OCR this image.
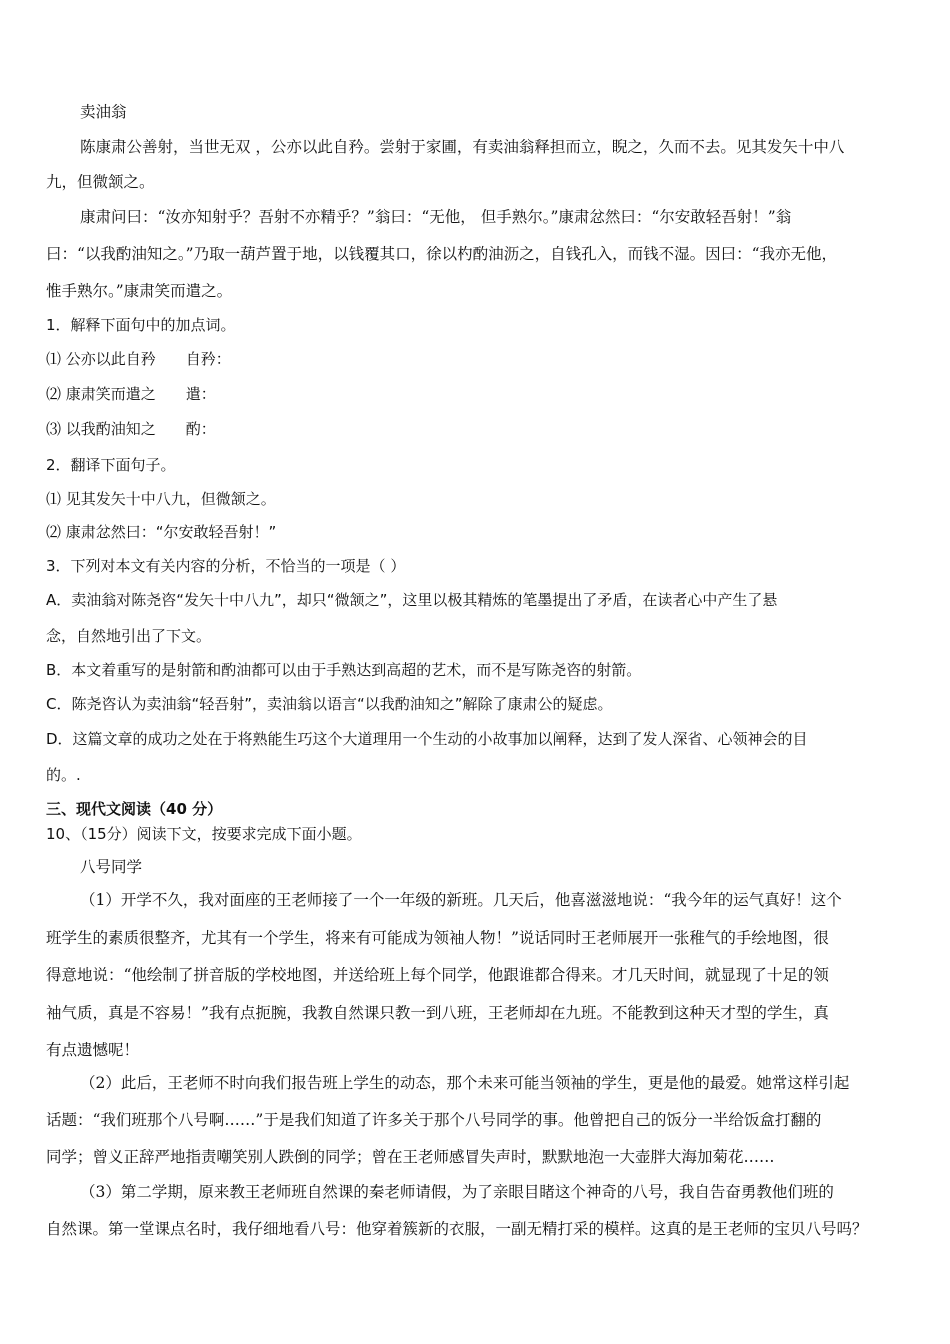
卖油翁
陈康肃公善射，当世无双 ，公亦以此自矜。尝射于家圃，有卖油翁释担而立，睨之，久而不去。见其发矢十中八
九，但微颔之。
康肃问曰：“汝亦知射乎？吾射不亦精乎？”翁曰：“无他， 但手熟尔。”康肃忿然曰：“尔安敢轻吾射！”翁
曰：“以我酌油知之。”乃取一葫芦置于地，以钱覆其口，徐以杓酌油沥之，自钱孔入，而钱不湿。因曰：“我亦无他，
惟手熟尔。”康肃笑而遣之。
1．解释下面句中的加点词。
⑴ 公亦以此自矜 自矜：
⑵ 康肃笑而遣之 遣：
⑶ 以我酌油知之 酌：
2．翻译下面句子。
⑴ 见其发矢十中八九，但微颔之。
⑵ 康肃忿然曰：“尔安敢轻吾射！”
3．下列对本文有关内容的分析，不恰当的一项是（ ）
A．卖油翁对陈尧咨“发矢十中八九”，却只“微颔之”，这里以极其精炼的笔墨提出了矛盾，在读者心中产生了悬
念，自然地引出了下文。
B．本文着重写的是射箭和酌油都可以由于手熟达到高超的艺术，而不是写陈尧咨的射箭。
C．陈尧咨认为卖油翁“轻吾射”，卖油翁以语言“以我酌油知之”解除了康肃公的疑虑。
D．这篇文章的成功之处在于将熟能生巧这个大道理用一个生动的小故事加以阐释，达到了发人深省、心领神会的目
的。.
三、现代文阅读（40 分）
10、（15分）阅读下文，按要求完成下面小题。
八号同学
（1）开学不久，我对面座的王老师接了一个一年级的新班。几天后，他喜滋滋地说：“我今年的运气真好！这个
班学生的素质很整齐，尤其有一个学生，将来有可能成为领袖人物！”说话同时王老师展开一张稚气的手绘地图，很
得意地说：“他绘制了拼音版的学校地图，并送给班上每个同学，他跟谁都合得来。才几天时间，就显现了十足的领
袖气质，真是不容易！”我有点扼腕，我教自然课只教一到八班，王老师却在九班。不能教到这种天才型的学生，真
有点遗憾呢！
（2）此后，王老师不时向我们报告班上学生的动态，那个未来可能当领袖的学生，更是他的最爱。她常这样引起
话题：“我们班那个八号啊……”于是我们知道了许多关于那个八号同学的事。他曾把自己的饭分一半给饭盒打翻的
同学；曾义正辞严地指责嘲笑别人跌倒的同学；曾在王老师感冒失声时，默默地泡一大壶胖大海加菊花……
（3）第二学期，原来教王老师班自然课的秦老师请假，为了亲眼目睹这个神奇的八号，我自告奋勇教他们班的
自然课。第一堂课点名时，我仔细地看八号：他穿着簇新的衣服，一副无精打采的模样。这真的是王老师的宝贝八号吗？
